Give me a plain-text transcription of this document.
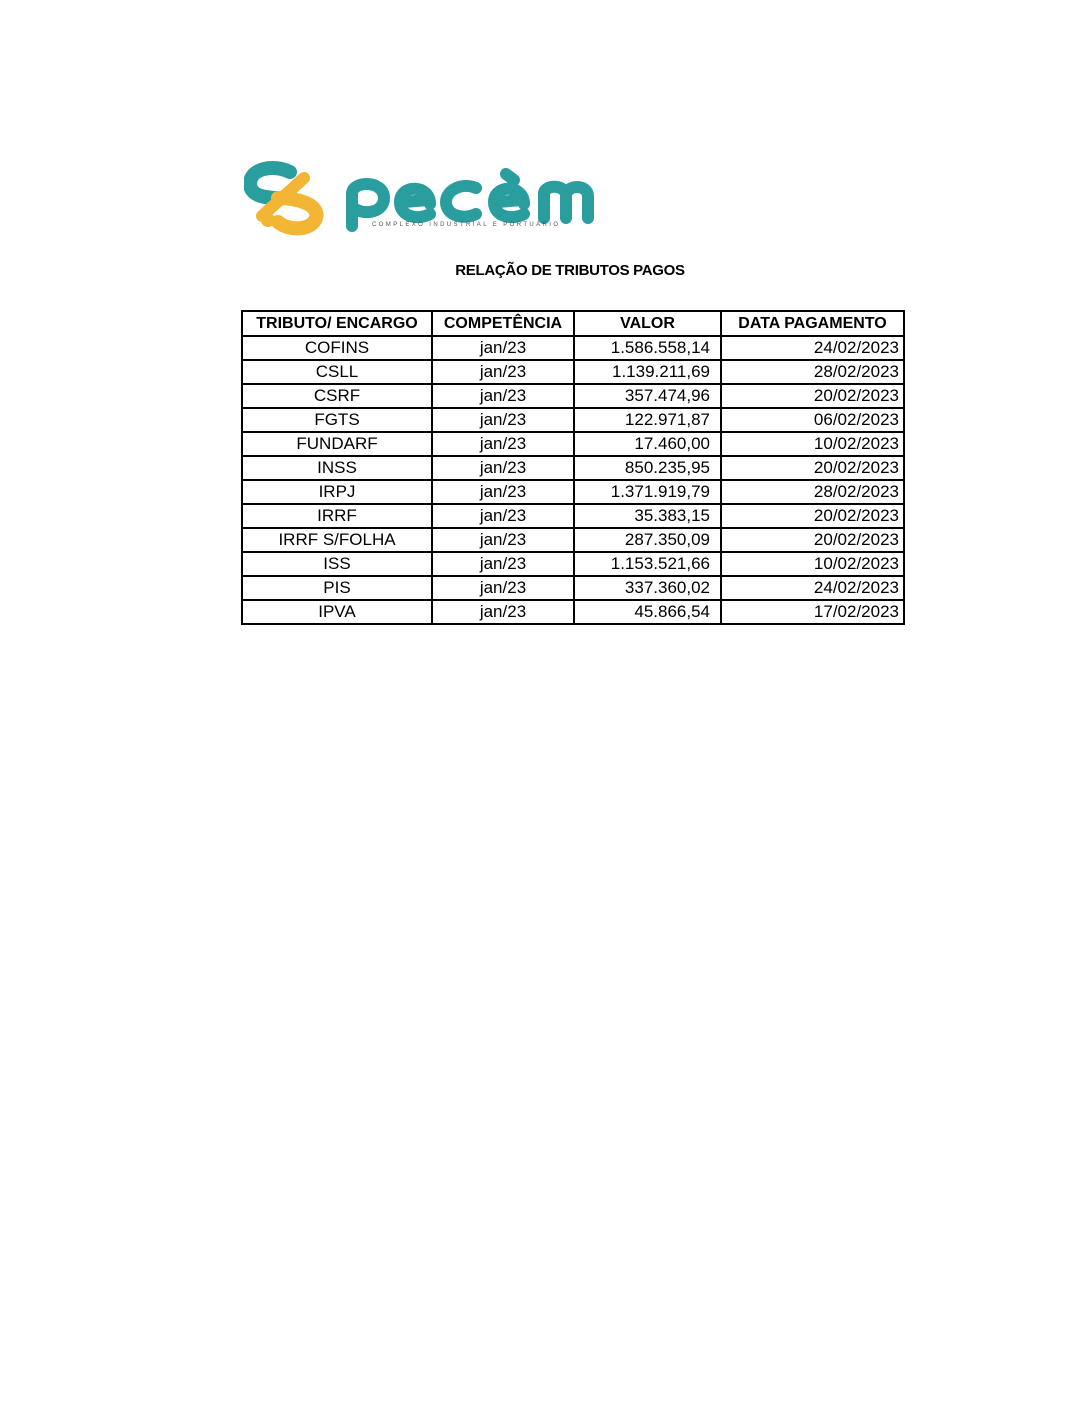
COMPLEXO INDUSTRIAL E PORTUÁRIO
RELAÇÃO DE TRIBUTOS PAGOS
TRIBUTO/ ENCARGO	COMPETÊNCIA	VALOR	DATA PAGAMENTO
COFINS	jan/23	1.586.558,14	24/02/2023
CSLL	jan/23	1.139.211,69	28/02/2023
CSRF	jan/23	357.474,96	20/02/2023
FGTS	jan/23	122.971,87	06/02/2023
FUNDARF	jan/23	17.460,00	10/02/2023
INSS	jan/23	850.235,95	20/02/2023
IRPJ	jan/23	1.371.919,79	28/02/2023
IRRF	jan/23	35.383,15	20/02/2023
IRRF S/FOLHA	jan/23	287.350,09	20/02/2023
ISS	jan/23	1.153.521,66	10/02/2023
PIS	jan/23	337.360,02	24/02/2023
IPVA	jan/23	45.866,54	17/02/2023
